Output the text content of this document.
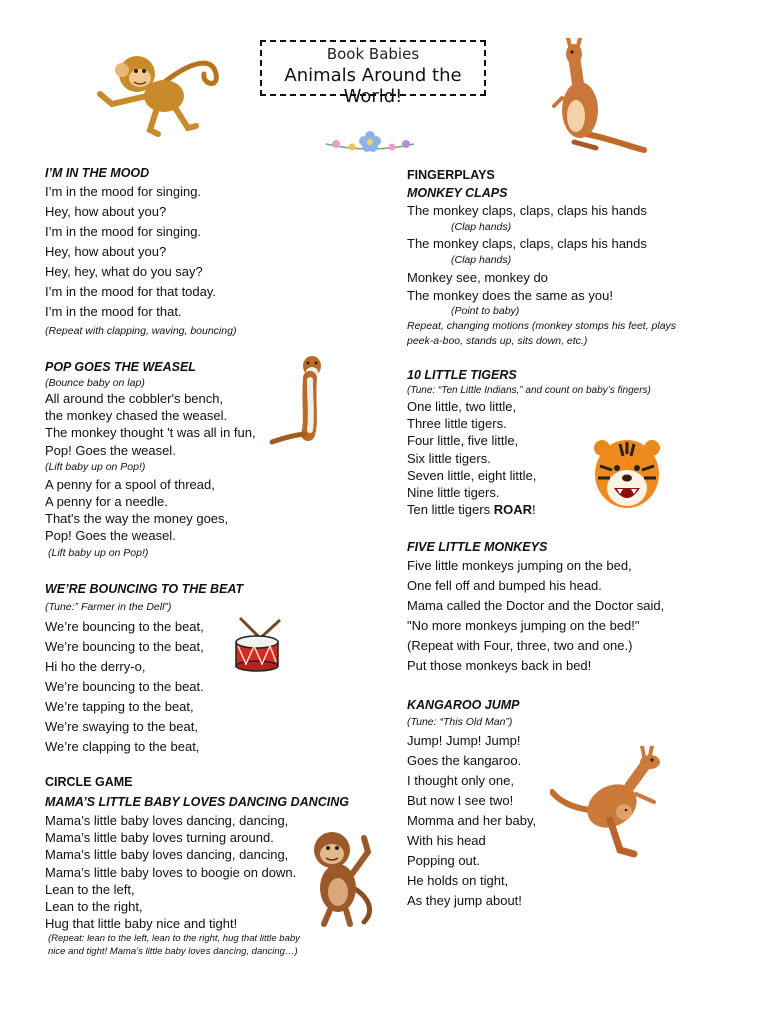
Book Babies
Animals Around the World!

I’M IN THE MOOD

I’m in the mood for singing.

Hey, how about you?

I’m in the mood for singing.

Hey, how about you?

Hey, hey, what do you say?

I’m in the mood for that today.

I’m in the mood for that.

(Repeat with clapping, waving, bouncing)

POP GOES THE WEASEL

(Bounce baby on lap)

All around the cobbler's bench,

the monkey chased the weasel.

The monkey thought 't was all in fun,

Pop! Goes the weasel.

(Lift baby up on Pop!)

A penny for a spool of thread,

A penny for a needle.

That's the way the money goes,

Pop! Goes the weasel.

(Lift baby up on Pop!)

WE’RE BOUNCING TO THE BEAT

(Tune:” Farmer in the Dell”)

We’re bouncing to the beat,

We’re bouncing to the beat,

Hi ho the derry-o,

We’re bouncing to the beat.

We’re tapping to the beat,

We’re swaying to the beat,

We’re clapping to the beat,

CIRCLE GAME

MAMA’S LITTLE BABY LOVES DANCING DANCING

Mama’s little baby loves dancing, dancing,

Mama’s little baby loves turning around.

Mama’s little baby loves dancing, dancing,

Mama’s little baby loves to boogie on down.

Lean to the left,

Lean to the right,

Hug that little baby nice and tight!

(Repeat: lean to the left, lean to the right, hug that little baby

nice and tight! Mama’s little baby loves dancing, dancing…)

FINGERPLAYS

MONKEY CLAPS

The monkey claps, claps, claps his hands

(Clap hands)

The monkey claps, claps, claps his hands

(Clap hands)

Monkey see, monkey do

The monkey does the same as you!

(Point to baby)

Repeat, changing motions (monkey stomps his feet, plays

peek-a-boo, stands up, sits down, etc.)

10 LITTLE TIGERS

(Tune: “Ten Little Indians,” and count on baby’s fingers)

One little, two little,

Three little tigers.

Four little, five little,

Six little tigers.

Seven little, eight little,

Nine little tigers.

Ten little tigers ROAR!

FIVE LITTLE MONKEYS

Five little monkeys jumping on the bed,

One fell off and bumped his head.

Mama called the Doctor and the Doctor said,

"No more monkeys jumping on the bed!"

(Repeat with Four, three, two and one.)

Put those monkeys back in bed!

KANGAROO JUMP

(Tune: “This Old Man”)

Jump! Jump! Jump!

Goes the kangaroo.

I thought only one,

But now I see two!

Momma and her baby,

With his head

Popping out.

He holds on tight,

As they jump about!
